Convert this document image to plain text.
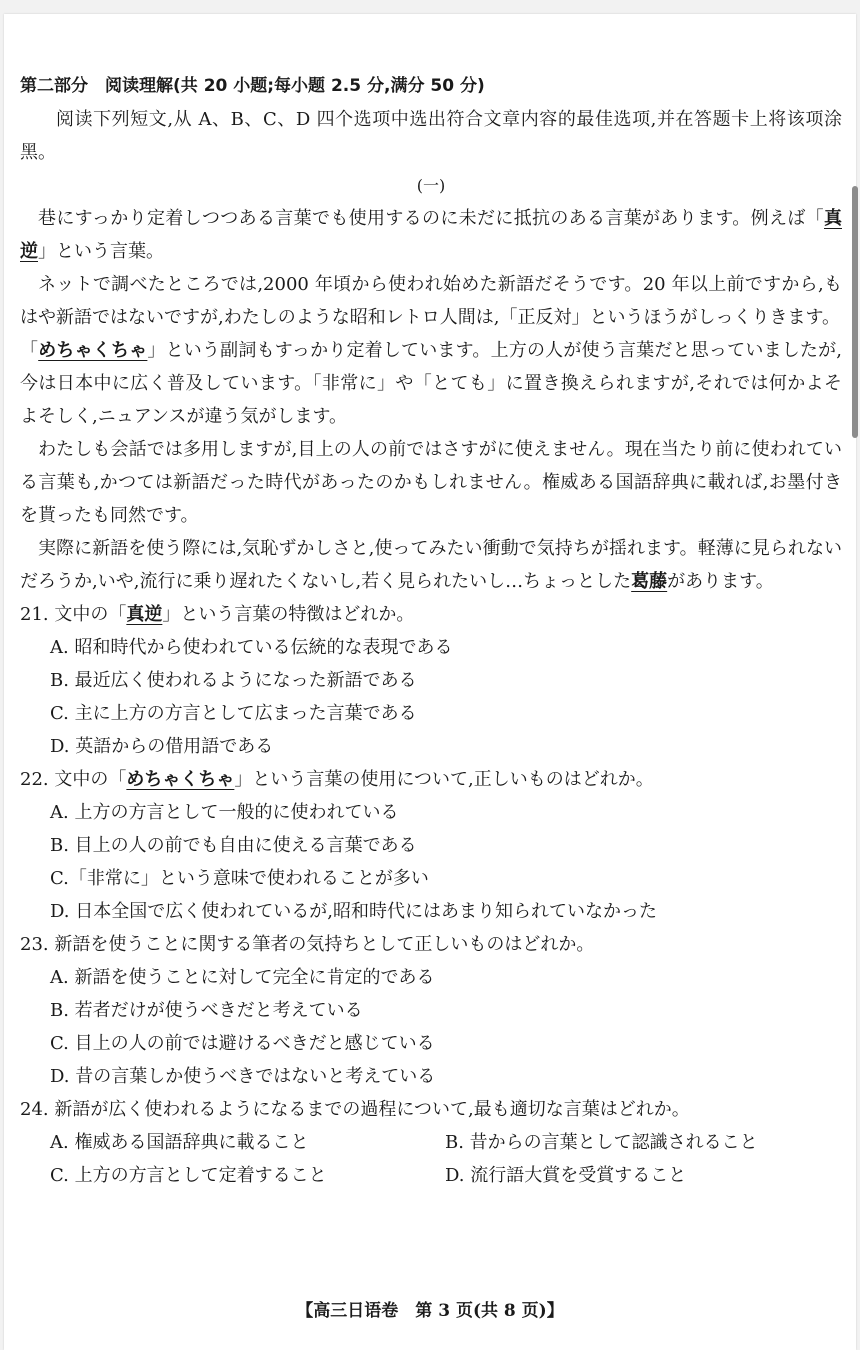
第二部分　阅读理解(共 20 小题;每小题 2.5 分,满分 50 分)

阅读下列短文,从 A、B、C、D 四个选项中选出符合文章内容的最佳选项,并在答题卡上将该项涂黑。

(一)

巷にすっかり定着しつつある言葉でも使用するのに未だに抵抗のある言葉があります。例えば「真逆」という言葉。

ネットで調べたところでは,2000 年頃から使われ始めた新語だそうです。20 年以上前ですから,もはや新語ではないですが,わたしのような昭和レトロ人間は,「正反対」というほうがしっくりきます。

「めちゃくちゃ」という副詞もすっかり定着しています。上方の人が使う言葉だと思っていましたが,今は日本中に広く普及しています。「非常に」や「とても」に置き換えられますが,それでは何かよそよそしく,ニュアンスが違う気がします。

わたしも会話では多用しますが,目上の人の前ではさすがに使えません。現在当たり前に使われている言葉も,かつては新語だった時代があったのかもしれません。権威ある国語辞典に載れば,お墨付きを貰ったも同然です。

実際に新語を使う際には,気恥ずかしさと,使ってみたい衝動で気持ちが揺れます。軽薄に見られないだろうか,いや,流行に乗り遅れたくないし,若く見られたいし…ちょっとした葛藤があります。

21. 文中の「真逆」という言葉の特徴はどれか。

A. 昭和時代から使われている伝統的な表現である

B. 最近広く使われるようになった新語である

C. 主に上方の方言として広まった言葉である

D. 英語からの借用語である

22. 文中の「めちゃくちゃ」という言葉の使用について,正しいものはどれか。

A. 上方の方言として一般的に使われている

B. 目上の人の前でも自由に使える言葉である

C.「非常に」という意味で使われることが多い

D. 日本全国で広く使われているが,昭和時代にはあまり知られていなかった

23. 新語を使うことに関する筆者の気持ちとして正しいものはどれか。

A. 新語を使うことに対して完全に肯定的である

B. 若者だけが使うべきだと考えている

C. 目上の人の前では避けるべきだと感じている

D. 昔の言葉しか使うべきではないと考えている

24. 新語が広く使われるようになるまでの過程について,最も適切な言葉はどれか。

A. 権威ある国語辞典に載ること	B. 昔からの言葉として認識されること
C. 上方の方言として定着すること	D. 流行語大賞を受賞すること
【高三日语卷　第 3 页(共 8 页)】
